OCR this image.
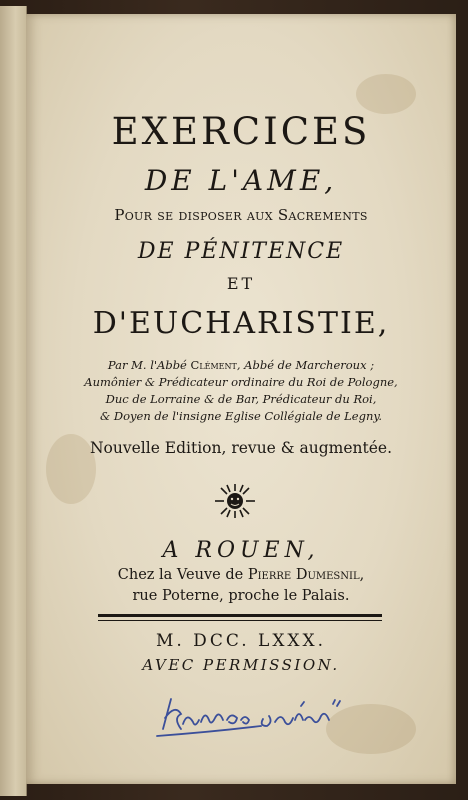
EXERCICES
DE L'AME,
Pour se disposer aux Sacrements
DE PÉNITENCE
ET
D'EUCHARISTIE,
Par M. l'Abbé Clément, Abbé de Marcheroux ;
Aumônier & Prédicateur ordinaire du Roi de Pologne,
Duc de Lorraine & de Bar, Prédicateur du Roi,
& Doyen de l'insigne Eglise Collégiale de Legny.
Nouvelle Edition, revue & augmentée.
A ROUEN,
Chez la Veuve de Pierre Dumesnil,
rue Poterne, proche le Palais.
M. DCC. LXXX.
AVEC PERMISSION.
